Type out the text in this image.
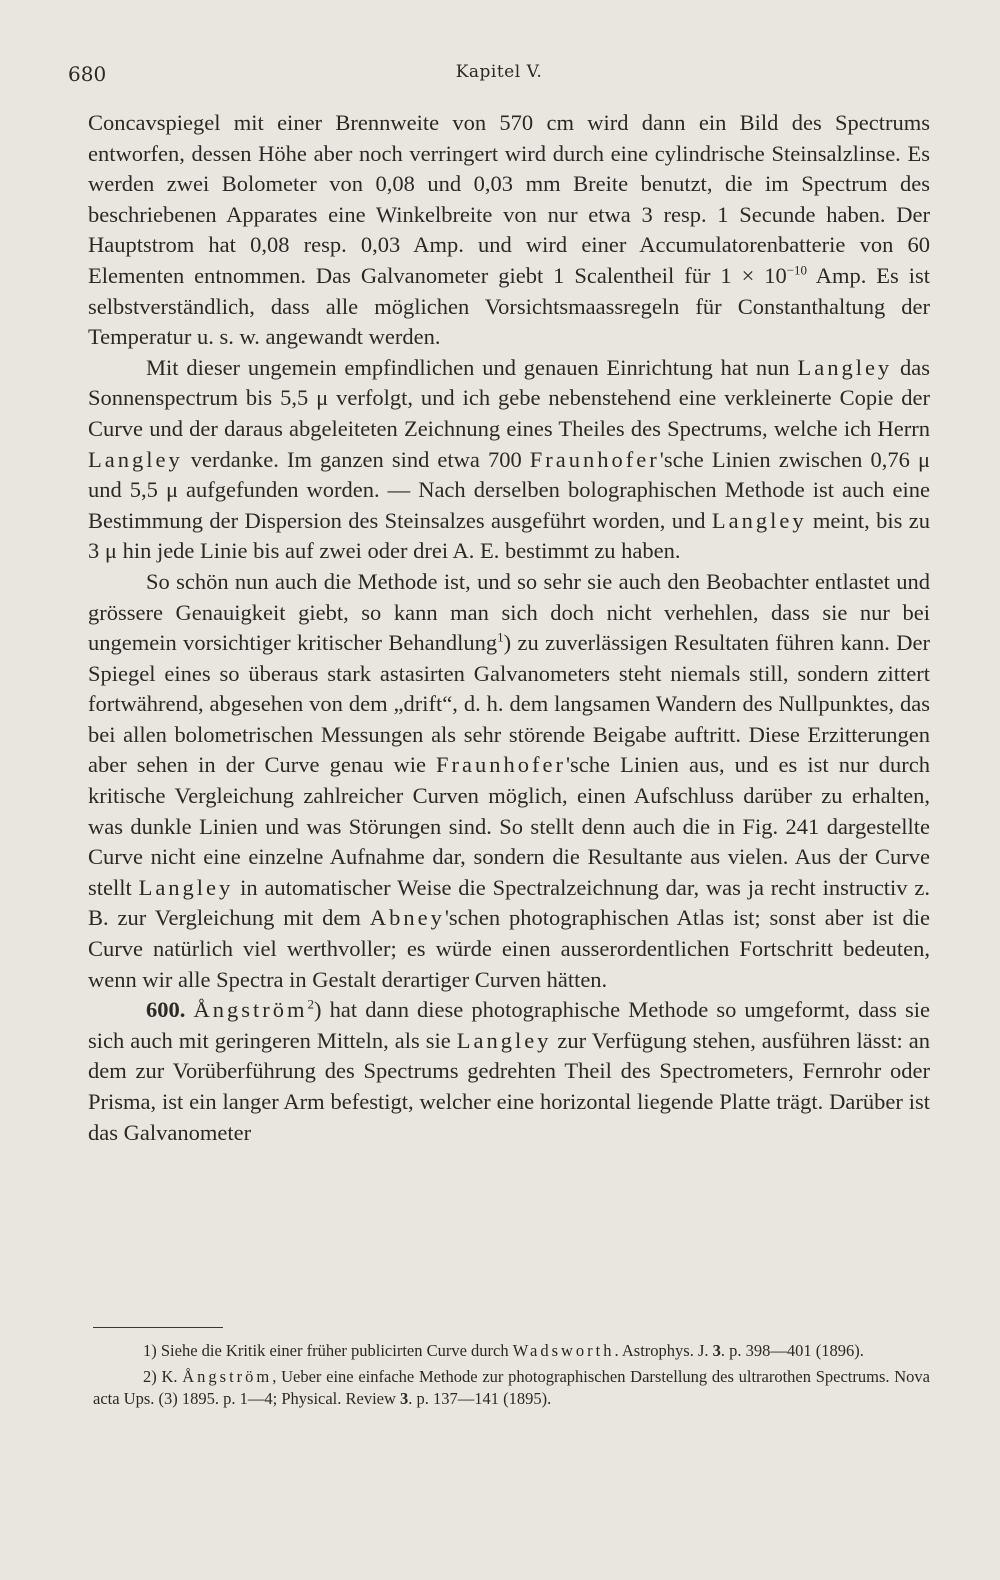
680	Kapitel V.

Concavspiegel mit einer Brennweite von 570 cm wird dann ein Bild des Spectrums entworfen, dessen Höhe aber noch verringert wird durch eine cylindrische Steinsalzlinse. Es werden zwei Bolometer von 0,08 und 0,03 mm Breite benutzt, die im Spectrum des beschriebenen Apparates eine Winkelbreite von nur etwa 3 resp. 1 Secunde haben. Der Hauptstrom hat 0,08 resp. 0,03 Amp. und wird einer Accumulatorenbatterie von 60 Elementen entnommen. Das Galvanometer giebt 1 Scalentheil für $1 \times 10^{-10}$ Amp. Es ist selbstverständlich, dass alle möglichen Vorsichtsmaassregeln für Constanthaltung der Temperatur u. s. w. angewandt werden.

Mit dieser ungemein empfindlichen und genauen Einrichtung hat nun Langley das Sonnenspectrum bis 5,5 μ verfolgt, und ich gebe nebenstehend eine verkleinerte Copie der Curve und der daraus abgeleiteten Zeichnung eines Theiles des Spectrums, welche ich Herrn Langley verdanke. Im ganzen sind etwa 700 Fraunhofer'sche Linien zwischen 0,76 μ und 5,5 μ aufgefunden worden. — Nach derselben bolographischen Methode ist auch eine Bestimmung der Dispersion des Steinsalzes ausgeführt worden, und Langley meint, bis zu 3 μ hin jede Linie bis auf zwei oder drei A. E. bestimmt zu haben.

So schön nun auch die Methode ist, und so sehr sie auch den Beobachter entlastet und grössere Genauigkeit giebt, so kann man sich doch nicht verhehlen, dass sie nur bei ungemein vorsichtiger kritischer Behandlung$^1$) zu zuverlässigen Resultaten führen kann. Der Spiegel eines so überaus stark astasirten Galvanometers steht niemals still, sondern zittert fortwährend, abgesehen von dem „drift“, d. h. dem langsamen Wandern des Nullpunktes, das bei allen bolometrischen Messungen als sehr störende Beigabe auftritt. Diese Erzitterungen aber sehen in der Curve genau wie Fraunhofer'sche Linien aus, und es ist nur durch kritische Vergleichung zahlreicher Curven möglich, einen Aufschluss darüber zu erhalten, was dunkle Linien und was Störungen sind. So stellt denn auch die in Fig. 241 dargestellte Curve nicht eine einzelne Aufnahme dar, sondern die Resultante aus vielen. Aus der Curve stellt Langley in automatischer Weise die Spectralzeichnung dar, was ja recht instructiv z. B. zur Vergleichung mit dem Abney'schen photographischen Atlas ist; sonst aber ist die Curve natürlich viel werthvoller; es würde einen ausserordentlichen Fortschritt bedeuten, wenn wir alle Spectra in Gestalt derartiger Curven hätten.

600. Ångström$^2$) hat dann diese photographische Methode so umgeformt, dass sie sich auch mit geringeren Mitteln, als sie Langley zur Verfügung stehen, ausführen lässt: an dem zur Vorüberführung des Spectrums gedrehten Theil des Spectrometers, Fernrohr oder Prisma, ist ein langer Arm befestigt, welcher eine horizontal liegende Platte trägt. Darüber ist das Galvanometer

1) Siehe die Kritik einer früher publicirten Curve durch Wadsworth. Astrophys. J. 3. p. 398—401 (1896).

2) K. Ångström, Ueber eine einfache Methode zur photographischen Darstellung des ultrarothen Spectrums. Nova acta Ups. (3) 1895. p. 1—4; Physical. Review 3. p. 137—141 (1895).
